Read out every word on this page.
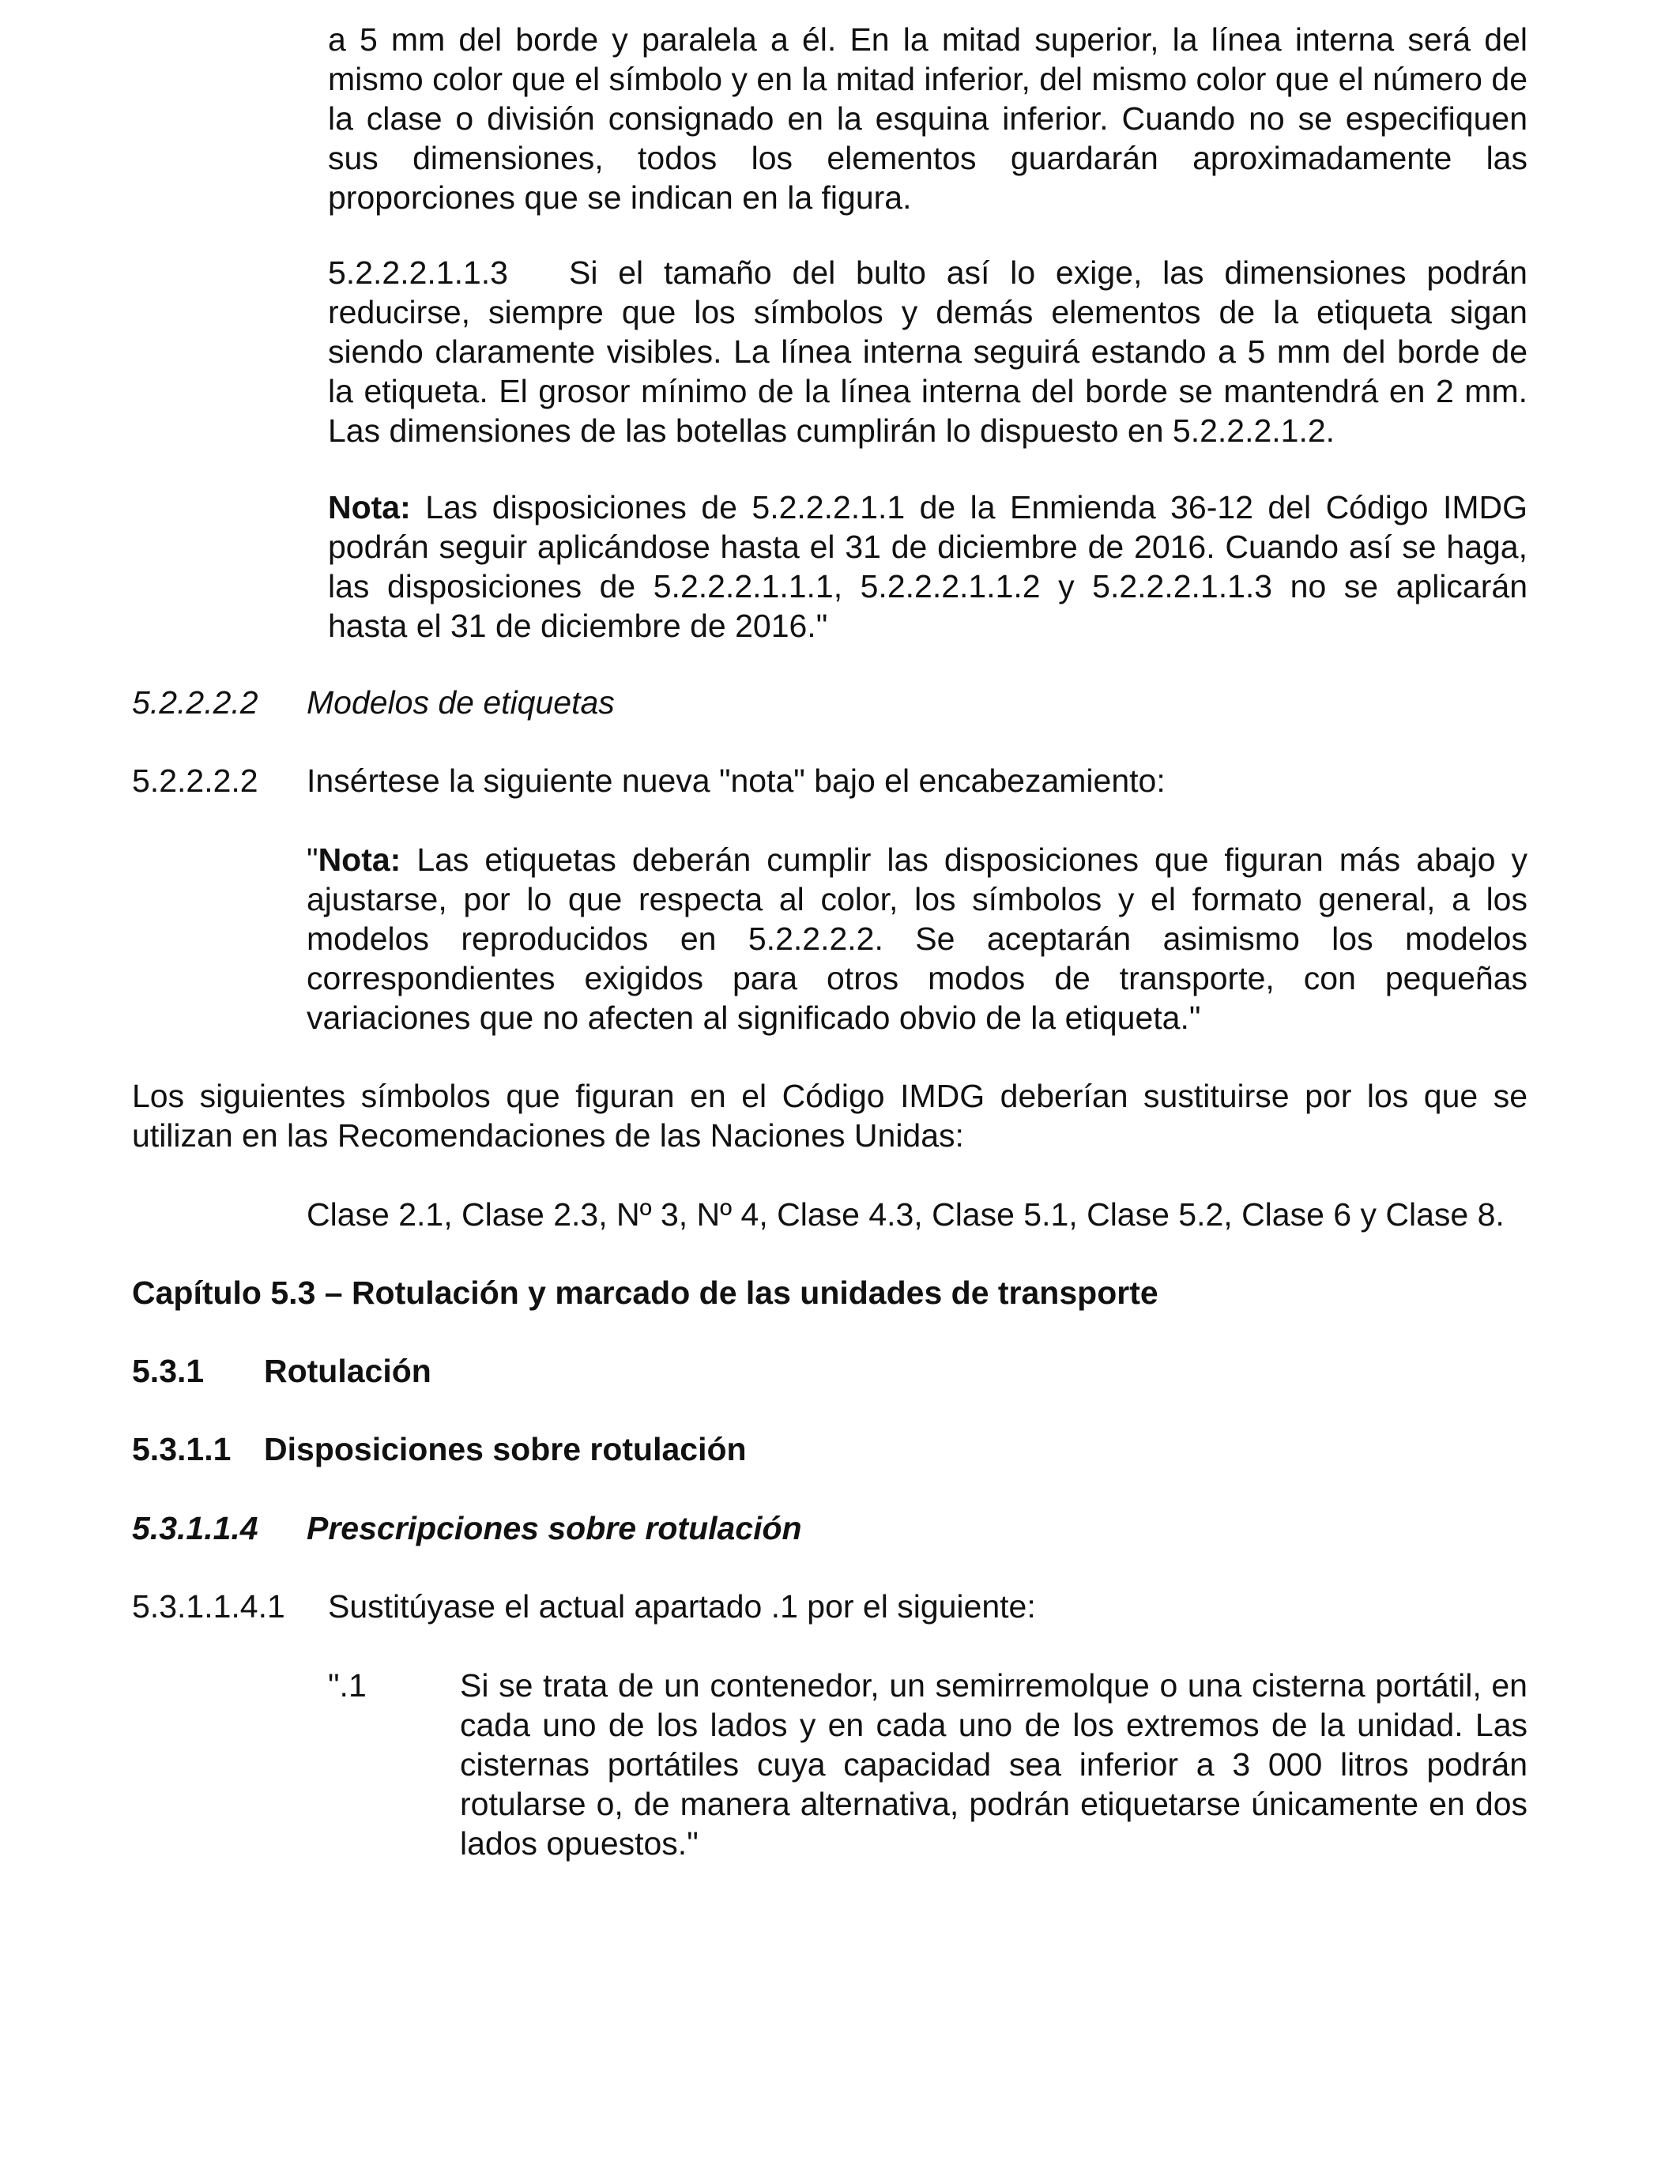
a 5 mm del borde y paralela a él. En la mitad superior, la línea interna será del mismo color que el símbolo y en la mitad inferior, del mismo color que el número de la clase o división consignado en la esquina inferior. Cuando no se especifiquen sus dimensiones, todos los elementos guardarán aproximadamente las proporciones que se indican en la figura.

5.2.2.2.1.1.3 Si el tamaño del bulto así lo exige, las dimensiones podrán reducirse, siempre que los símbolos y demás elementos de la etiqueta sigan siendo claramente visibles. La línea interna seguirá estando a 5 mm del borde de la etiqueta. El grosor mínimo de la línea interna del borde se mantendrá en 2 mm. Las dimensiones de las botellas cumplirán lo dispuesto en 5.2.2.2.1.2.

Nota: Las disposiciones de 5.2.2.2.1.1 de la Enmienda 36-12 del Código IMDG podrán seguir aplicándose hasta el 31 de diciembre de 2016. Cuando así se haga, las disposiciones de 5.2.2.2.1.1.1, 5.2.2.2.1.1.2 y 5.2.2.2.1.1.3 no se aplicarán hasta el 31 de diciembre de 2016."

5.2.2.2.2 Modelos de etiquetas
5.2.2.2.2 Insértese la siguiente nueva "nota" bajo el encabezamiento:

"Nota: Las etiquetas deberán cumplir las disposiciones que figuran más abajo y ajustarse, por lo que respecta al color, los símbolos y el formato general, a los modelos reproducidos en 5.2.2.2.2. Se aceptarán asimismo los modelos correspondientes exigidos para otros modos de transporte, con pequeñas variaciones que no afecten al significado obvio de la etiqueta."

Los siguientes símbolos que figuran en el Código IMDG deberían sustituirse por los que se utilizan en las Recomendaciones de las Naciones Unidas:

Clase 2.1, Clase 2.3, Nº 3, Nº 4, Clase 4.3, Clase 5.1, Clase 5.2, Clase 6 y Clase 8.
Capítulo 5.3 – Rotulación y marcado de las unidades de transporte
5.3.1 Rotulación
5.3.1.1 Disposiciones sobre rotulación
5.3.1.1.4 Prescripciones sobre rotulación
5.3.1.1.4.1 Sustitúyase el actual apartado .1 por el siguiente:
".1	Si se trata de un contenedor, un semirremolque o una cisterna portátil, en cada uno de los lados y en cada uno de los extremos de la unidad. Las cisternas portátiles cuya capacidad sea inferior a 3 000 litros podrán rotularse o, de manera alternativa, podrán etiquetarse únicamente en dos lados opuestos."
